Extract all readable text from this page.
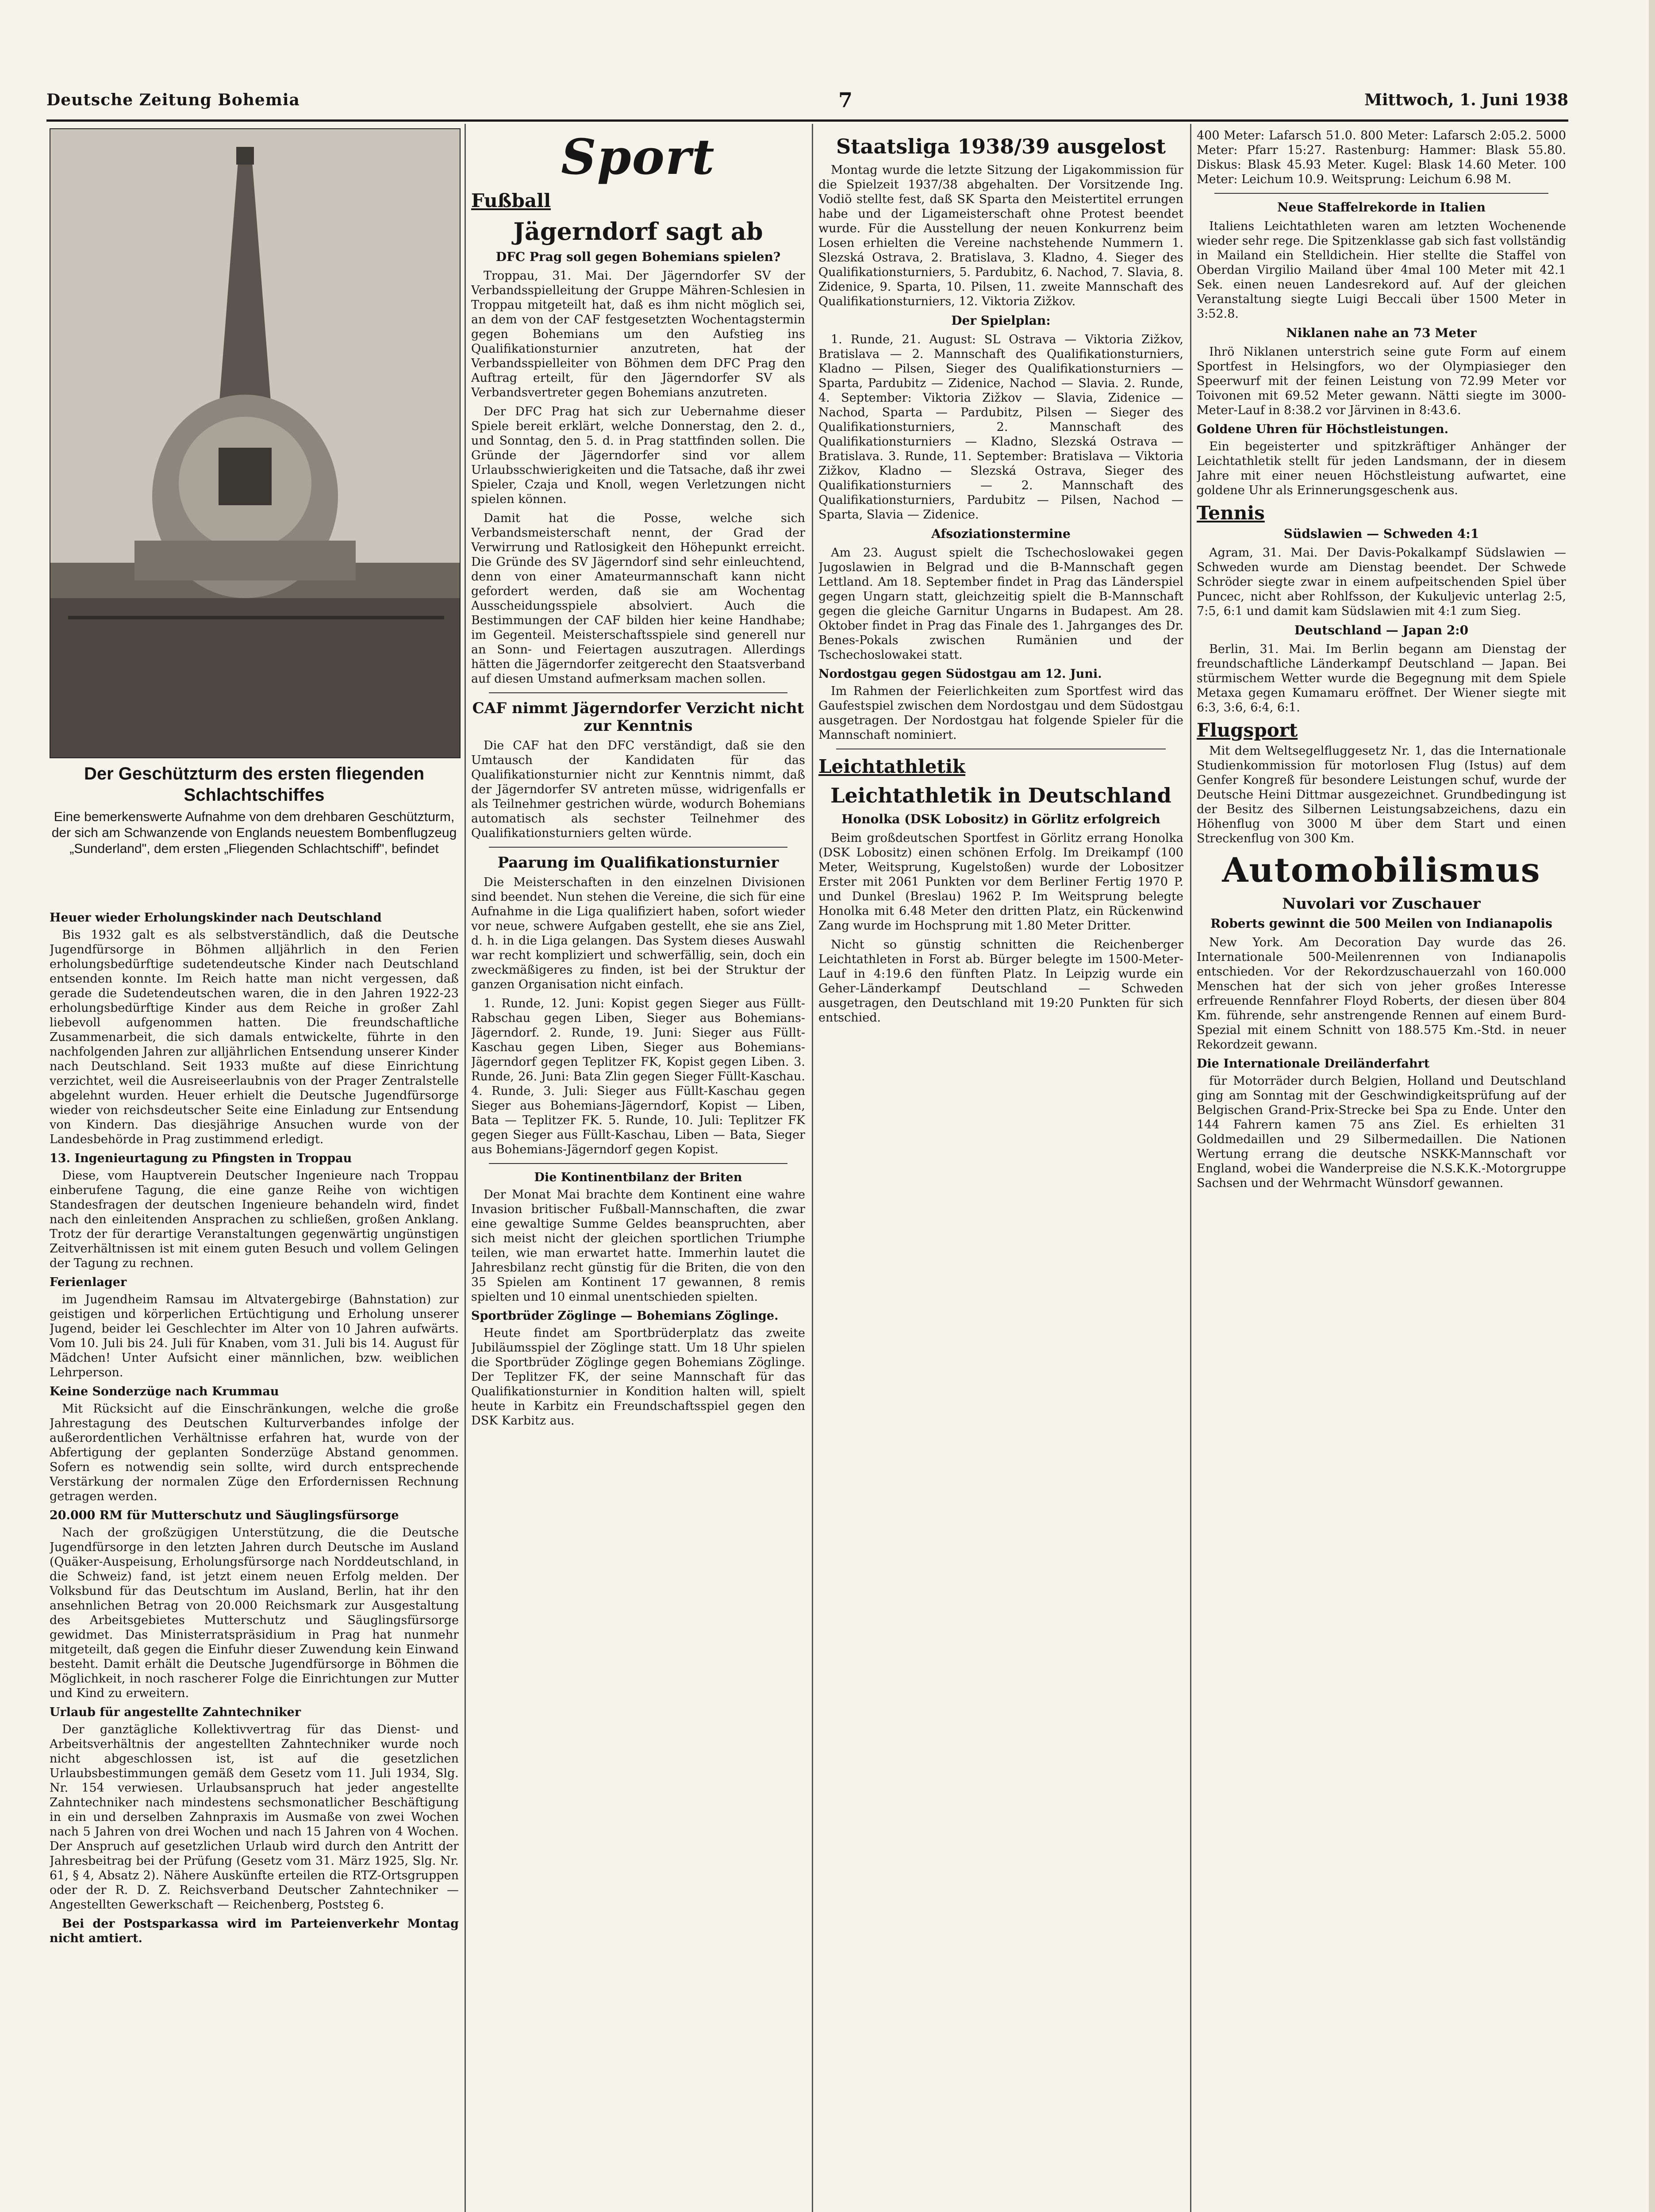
Deutsche Zeitung Bohemia	7	Mittwoch, 1. Juni 1938

Der Geschützturm des ersten fliegenden Schlachtschiffes

Eine bemerkenswerte Aufnahme von dem drehbaren Geschützturm, der sich am Schwanzende von Englands neuestem Bombenflugzeug „Sunderland", dem ersten „Fliegenden Schlachtschiff", befindet

Heuer wieder Erholungskinder nach Deutschland

Bis 1932 galt es als selbstverständlich, daß die Deutsche Jugendfürsorge in Böhmen alljährlich in den Ferien erholungsbedürftige sudetendeutsche Kinder nach Deutschland entsenden konnte. Im Reich hatte man nicht vergessen, daß gerade die Sudetendeutschen waren, die in den Jahren 1922-23 erholungsbedürftige Kinder aus dem Reiche in großer Zahl liebevoll aufgenommen hatten. Die freundschaftliche Zusammenarbeit, die sich damals entwickelte, führte in den nachfolgenden Jahren zur alljährlichen Entsendung unserer Kinder nach Deutschland. Seit 1933 mußte auf diese Einrichtung verzichtet, weil die Ausreiseerlaubnis von der Prager Zentralstelle abgelehnt wurden. Heuer erhielt die Deutsche Jugendfürsorge wieder von reichsdeutscher Seite eine Einladung zur Entsendung von Kindern. Das diesjährige Ansuchen wurde von der Landesbehörde in Prag zustimmend erledigt.

13. Ingenieurtagung zu Pfingsten in Troppau

Diese, vom Hauptverein Deutscher Ingenieure nach Troppau einberufene Tagung, die eine ganze Reihe von wichtigen Standesfragen der deutschen Ingenieure behandeln wird, findet nach den einleitenden Ansprachen zu schließen, großen Anklang. Trotz der für derartige Veranstaltungen gegenwärtig ungünstigen Zeitverhältnissen ist mit einem guten Besuch und vollem Gelingen der Tagung zu rechnen.

Ferienlager

im Jugendheim Ramsau im Altvatergebirge (Bahnstation) zur geistigen und körperlichen Ertüchtigung und Erholung unserer Jugend, beider lei Geschlechter im Alter von 10 Jahren aufwärts. Vom 10. Juli bis 24. Juli für Knaben, vom 31. Juli bis 14. August für Mädchen! Unter Aufsicht einer männlichen, bzw. weiblichen Lehrperson.

Keine Sonderzüge nach Krummau

Mit Rücksicht auf die Einschränkungen, welche die große Jahrestagung des Deutschen Kulturverbandes infolge der außerordentlichen Verhältnisse erfahren hat, wurde von der Abfertigung der geplanten Sonderzüge Abstand genommen. Sofern es notwendig sein sollte, wird durch entsprechende Verstärkung der normalen Züge den Erfordernissen Rechnung getragen werden.

20.000 RM für Mutterschutz und Säuglingsfürsorge

Nach der großzügigen Unterstützung, die die Deutsche Jugendfürsorge in den letzten Jahren durch Deutsche im Ausland (Quäker-Auspeisung, Erholungsfürsorge nach Norddeutschland, in die Schweiz) fand, ist jetzt einem neuen Erfolg melden. Der Volksbund für das Deutschtum im Ausland, Berlin, hat ihr den ansehnlichen Betrag von 20.000 Reichsmark zur Ausgestaltung des Arbeitsgebietes Mutterschutz und Säuglingsfürsorge gewidmet. Das Ministerratspräsidium in Prag hat nunmehr mitgeteilt, daß gegen die Einfuhr dieser Zuwendung kein Einwand besteht. Damit erhält die Deutsche Jugendfürsorge in Böhmen die Möglichkeit, in noch rascherer Folge die Einrichtungen zur Mutter und Kind zu erweitern.

Urlaub für angestellte Zahntechniker

Der ganztägliche Kollektivvertrag für das Dienst- und Arbeitsverhältnis der angestellten Zahntechniker wurde noch nicht abgeschlossen ist, ist auf die gesetzlichen Urlaubsbestimmungen gemäß dem Gesetz vom 11. Juli 1934, Slg. Nr. 154 verwiesen. Urlaubsanspruch hat jeder angestellte Zahntechniker nach mindestens sechsmonatlicher Beschäftigung in ein und derselben Zahnpraxis im Ausmaße von zwei Wochen nach 5 Jahren von drei Wochen und nach 15 Jahren von 4 Wochen. Der Anspruch auf gesetzlichen Urlaub wird durch den Antritt der Jahresbeitrag bei der Prüfung (Gesetz vom 31. März 1925, Slg. Nr. 61, § 4, Absatz 2). Nähere Auskünfte erteilen die RTZ-Ortsgruppen oder der R. D. Z. Reichsverband Deutscher Zahntechniker — Angestellten Gewerkschaft — Reichenberg, Poststeg 6.

Bei der Postsparkassa wird im Parteienverkehr Montag nicht amtiert.

Sport
Fußball
Jägerndorf sagt ab
DFC Prag soll gegen Bohemians spielen?

Troppau, 31. Mai. Der Jägerndorfer SV der Verbandsspielleitung der Gruppe Mähren-Schlesien in Troppau mitgeteilt hat, daß es ihm nicht möglich sei, an dem von der CAF festgesetzten Wochentagstermin gegen Bohemians um den Aufstieg ins Qualifikationsturnier anzutreten, hat der Verbandsspielleiter von Böhmen dem DFC Prag den Auftrag erteilt, für den Jägerndorfer SV als Verbandsvertreter gegen Bohemians anzutreten.

Der DFC Prag hat sich zur Uebernahme dieser Spiele bereit erklärt, welche Donnerstag, den 2. d., und Sonntag, den 5. d. in Prag stattfinden sollen. Die Gründe der Jägerndorfer sind vor allem Urlaubsschwierigkeiten und die Tatsache, daß ihr zwei Spieler, Czaja und Knoll, wegen Verletzungen nicht spielen können.

Damit hat die Posse, welche sich Verbandsmeisterschaft nennt, der Grad der Verwirrung und Ratlosigkeit den Höhepunkt erreicht. Die Gründe des SV Jägerndorf sind sehr einleuchtend, denn von einer Amateurmannschaft kann nicht gefordert werden, daß sie am Wochentag Ausscheidungsspiele absolviert. Auch die Bestimmungen der CAF bilden hier keine Handhabe; im Gegenteil. Meisterschaftsspiele sind generell nur an Sonn- und Feiertagen auszutragen. Allerdings hätten die Jägerndorfer zeitgerecht den Staatsverband auf diesen Umstand aufmerksam machen sollen.

CAF nimmt Jägerndorfer Verzicht nicht zur Kenntnis

Die CAF hat den DFC verständigt, daß sie den Umtausch der Kandidaten für das Qualifikationsturnier nicht zur Kenntnis nimmt, daß der Jägerndorfer SV antreten müsse, widrigenfalls er als Teilnehmer gestrichen würde, wodurch Bohemians automatisch als sechster Teilnehmer des Qualifikationsturniers gelten würde.

Paarung im Qualifikationsturnier

Die Meisterschaften in den einzelnen Divisionen sind beendet. Nun stehen die Vereine, die sich für eine Aufnahme in die Liga qualifiziert haben, sofort wieder vor neue, schwere Aufgaben gestellt, ehe sie ans Ziel, d. h. in die Liga gelangen. Das System dieses Auswahl war recht kompliziert und schwerfällig, sein, doch ein zweckmäßigeres zu finden, ist bei der Struktur der ganzen Organisation nicht einfach.

1. Runde, 12. Juni: Kopist gegen Sieger aus Füllt-Rabschau gegen Liben, Sieger aus Bohemians-Jägerndorf. 2. Runde, 19. Juni: Sieger aus Füllt-Kaschau gegen Liben, Sieger aus Bohemians-Jägerndorf gegen Teplitzer FK, Kopist gegen Liben. 3. Runde, 26. Juni: Bata Zlin gegen Sieger Füllt-Kaschau. 4. Runde, 3. Juli: Sieger aus Füllt-Kaschau gegen Sieger aus Bohemians-Jägerndorf, Kopist — Liben, Bata — Teplitzer FK. 5. Runde, 10. Juli: Teplitzer FK gegen Sieger aus Füllt-Kaschau, Liben — Bata, Sieger aus Bohemians-Jägerndorf gegen Kopist.

Die Kontinentbilanz der Briten

Der Monat Mai brachte dem Kontinent eine wahre Invasion britischer Fußball-Mannschaften, die zwar eine gewaltige Summe Geldes beanspruchten, aber sich meist nicht der gleichen sportlichen Triumphe teilen, wie man erwartet hatte. Immerhin lautet die Jahresbilanz recht günstig für die Briten, die von den 35 Spielen am Kontinent 17 gewannen, 8 remis spielten und 10 einmal unentschieden spielten.

Sportbrüder Zöglinge — Bohemians Zöglinge.

Heute findet am Sportbrüderplatz das zweite Jubiläumsspiel der Zöglinge statt. Um 18 Uhr spielen die Sportbrüder Zöglinge gegen Bohemians Zöglinge. Der Teplitzer FK, der seine Mannschaft für das Qualifikationsturnier in Kondition halten will, spielt heute in Karbitz ein Freundschaftsspiel gegen den DSK Karbitz aus.

Staatsliga 1938/39 ausgelost

Montag wurde die letzte Sitzung der Ligakommission für die Spielzeit 1937/38 abgehalten. Der Vorsitzende Ing. Vodiö stellte fest, daß SK Sparta den Meistertitel errungen habe und der Ligameisterschaft ohne Protest beendet wurde. Für die Ausstellung der neuen Konkurrenz beim Losen erhielten die Vereine nachstehende Nummern 1. Slezská Ostrava, 2. Bratislava, 3. Kladno, 4. Sieger des Qualifikationsturniers, 5. Pardubitz, 6. Nachod, 7. Slavia, 8. Zidenice, 9. Sparta, 10. Pilsen, 11. zweite Mannschaft des Qualifikationsturniers, 12. Viktoria Zižkov.

Der Spielplan:

1. Runde, 21. August: SL Ostrava — Viktoria Zižkov, Bratislava — 2. Mannschaft des Qualifikationsturniers, Kladno — Pilsen, Sieger des Qualifikationsturniers — Sparta, Pardubitz — Zidenice, Nachod — Slavia. 2. Runde, 4. September: Viktoria Zižkov — Slavia, Zidenice — Nachod, Sparta — Pardubitz, Pilsen — Sieger des Qualifikationsturniers, 2. Mannschaft des Qualifikationsturniers — Kladno, Slezská Ostrava — Bratislava. 3. Runde, 11. September: Bratislava — Viktoria Zižkov, Kladno — Slezská Ostrava, Sieger des Qualifikationsturniers — 2. Mannschaft des Qualifikationsturniers, Pardubitz — Pilsen, Nachod — Sparta, Slavia — Zidenice.

Afsoziationstermine

Am 23. August spielt die Tschechoslowakei gegen Jugoslawien in Belgrad und die B-Mannschaft gegen Lettland. Am 18. September findet in Prag das Länderspiel gegen Ungarn statt, gleichzeitig spielt die B-Mannschaft gegen die gleiche Garnitur Ungarns in Budapest. Am 28. Oktober findet in Prag das Finale des 1. Jahrganges des Dr. Benes-Pokals zwischen Rumänien und der Tschechoslowakei statt.

Nordostgau gegen Südostgau am 12. Juni.

Im Rahmen der Feierlichkeiten zum Sportfest wird das Gaufestspiel zwischen dem Nordostgau und dem Südostgau ausgetragen. Der Nordostgau hat folgende Spieler für die Mannschaft nominiert.

Leichtathletik
Leichtathletik in Deutschland
Honolka (DSK Lobositz) in Görlitz erfolgreich

Beim großdeutschen Sportfest in Görlitz errang Honolka (DSK Lobositz) einen schönen Erfolg. Im Dreikampf (100 Meter, Weitsprung, Kugelstoßen) wurde der Lobositzer Erster mit 2061 Punkten vor dem Berliner Fertig 1970 P. und Dunkel (Breslau) 1962 P. Im Weitsprung belegte Honolka mit 6.48 Meter den dritten Platz, ein Rückenwind Zang wurde im Hochsprung mit 1.80 Meter Dritter.

Nicht so günstig schnitten die Reichenberger Leichtathleten in Forst ab. Bürger belegte im 1500-Meter-Lauf in 4:19.6 den fünften Platz. In Leipzig wurde ein Geher-Länderkampf Deutschland — Schweden ausgetragen, den Deutschland mit 19:20 Punkten für sich entschied.

400 Meter: Lafarsch 51.0. 800 Meter: Lafarsch 2:05.2. 5000 Meter: Pfarr 15:27. Rastenburg: Hammer: Blask 55.80. Diskus: Blask 45.93 Meter. Kugel: Blask 14.60 Meter. 100 Meter: Leichum 10.9. Weitsprung: Leichum 6.98 M.

Neue Staffelrekorde in Italien

Italiens Leichtathleten waren am letzten Wochenende wieder sehr rege. Die Spitzenklasse gab sich fast vollständig in Mailand ein Stelldichein. Hier stellte die Staffel von Oberdan Virgilio Mailand über 4mal 100 Meter mit 42.1 Sek. einen neuen Landesrekord auf. Auf der gleichen Veranstaltung siegte Luigi Beccali über 1500 Meter in 3:52.8.

Niklanen nahe an 73 Meter

Ihrö Niklanen unterstrich seine gute Form auf einem Sportfest in Helsingfors, wo der Olympiasieger den Speerwurf mit der feinen Leistung von 72.99 Meter vor Toivonen mit 69.52 Meter gewann. Nätti siegte im 3000-Meter-Lauf in 8:38.2 vor Järvinen in 8:43.6.

Goldene Uhren für Höchstleistungen.

Ein begeisterter und spitzkräftiger Anhänger der Leichtathletik stellt für jeden Landsmann, der in diesem Jahre mit einer neuen Höchstleistung aufwartet, eine goldene Uhr als Erinnerungsgeschenk aus.

Tennis
Südslawien — Schweden 4:1

Agram, 31. Mai. Der Davis-Pokalkampf Südslawien — Schweden wurde am Dienstag beendet. Der Schwede Schröder siegte zwar in einem aufpeitschenden Spiel über Puncec, nicht aber Rohlfsson, der Kukuljevic unterlag 2:5, 7:5, 6:1 und damit kam Südslawien mit 4:1 zum Sieg.

Deutschland — Japan 2:0

Berlin, 31. Mai. Im Berlin begann am Dienstag der freundschaftliche Länderkampf Deutschland — Japan. Bei stürmischem Wetter wurde die Begegnung mit dem Spiele Metaxa gegen Kumamaru eröffnet. Der Wiener siegte mit 6:3, 3:6, 6:4, 6:1.

Flugsport

Mit dem Weltsegelfluggesetz Nr. 1, das die Internationale Studienkommission für motorlosen Flug (Istus) auf dem Genfer Kongreß für besondere Leistungen schuf, wurde der Deutsche Heini Dittmar ausgezeichnet. Grundbedingung ist der Besitz des Silbernen Leistungsabzeichens, dazu ein Höhenflug von 3000 M über dem Start und einen Streckenflug von 300 Km.

Automobilismus
Nuvolari vor Zuschauer
Roberts gewinnt die 500 Meilen von Indianapolis

New York. Am Decoration Day wurde das 26. Internationale 500-Meilenrennen von Indianapolis entschieden. Vor der Rekordzuschauerzahl von 160.000 Menschen hat der sich von jeher großes Interesse erfreuende Rennfahrer Floyd Roberts, der diesen über 804 Km. führende, sehr anstrengende Rennen auf einem Burd-Spezial mit einem Schnitt von 188.575 Km.-Std. in neuer Rekordzeit gewann.

Die Internationale Dreiländerfahrt

für Motorräder durch Belgien, Holland und Deutschland ging am Sonntag mit der Geschwindigkeitsprüfung auf der Belgischen Grand-Prix-Strecke bei Spa zu Ende. Unter den 144 Fahrern kamen 75 ans Ziel. Es erhielten 31 Goldmedaillen und 29 Silbermedaillen. Die Nationen Wertung errang die deutsche NSKK-Mannschaft vor England, wobei die Wanderpreise die N.S.K.K.-Motorgruppe Sachsen und der Wehrmacht Wünsdorf gewannen.
